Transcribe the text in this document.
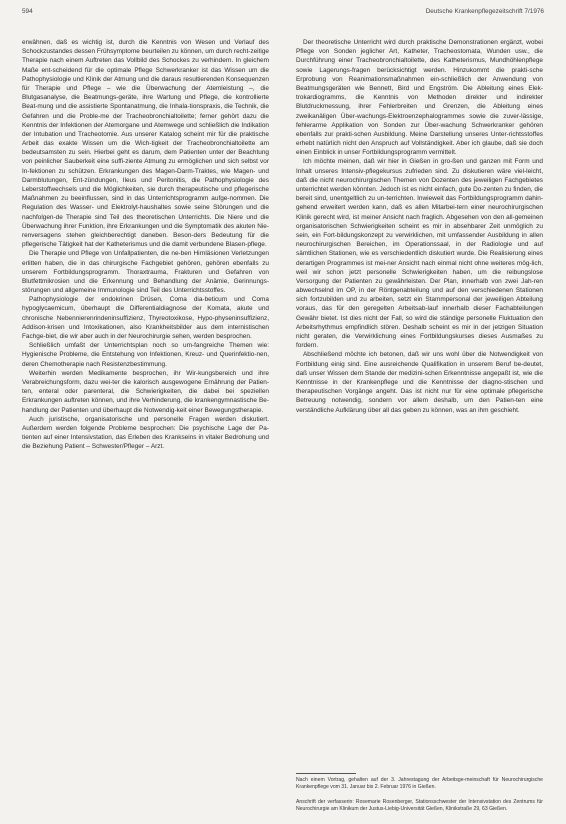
594	Deutsche Krankenpflegezeitschrift 7/1976

erwähnen, daß es wichtig ist, durch die Kenntnis von Wesen und Verlauf des Schockzustandes dessen Frühsymptome beurteilen zu können, um durch recht-zeitige Therapie nach einem Auftreten das Vollbild des Schockes zu verhindern. In gleichem Maße ent-scheidend für die optimale Pflege Schwerkranker ist das Wissen um die Pathophysiologie und Klinik der Atmung und die daraus resultierenden Konsequenzen für Therapie und Pflege – wie die Überwachung der Atemleistung –, die Blutgasanalyse, die Beatmungs-geräte, ihre Wartung und Pflege, die kontrollierte Beat-mung und die assistierte Spontanatmung, die Inhala-tionspraxis, die Technik, die Gefahren und die Proble-me der Tracheobronchialtoilette; ferner gehört dazu die Kenntnis der Infektionen der Atemorgane und Atemwege und schließlich die Indikation der Intubation und Tracheotomie. Aus unserer Katalog scheint mir für die praktische Arbeit das exakte Wissen um die Wich-tigkeit der Tracheobronchialtoilette am bedeutsamsten zu sein. Hierbei geht es darum, dem Patienten unter der Beachtung von peinlicher Sauberkeit eine suffi-ziente Atmung zu ermöglichen und sich selbst vor In-fektionen zu schützen. Erkrankungen des Magen-Darm-Traktes, wie Magen- und Darmblutungen, Ent-zündungen, Ileus und Peritonitis, die Pathophysiologie des Leberstoffwechsels und die Möglichkeiten, sie durch therapeutische und pflegerische Maßnahmen zu beeinflussen, sind in das Unterrichtsprogramm aufge-nommen. Die Regulation des Wasser- und Elektrolyt-haushaltes sowie seine Störungen und die nachfolgen-de Therapie sind Teil des theoretischen Unterrichts. Die Niere und die Überwachung ihrer Funktion, ihre Erkrankungen und die Symptomatik des akuten Nie-renversagens stehen gleichberechtigt daneben. Beson-ders Bedeutung für die pflegerische Tätigkeit hat der Katheterismus und die damit verbundene Blasen-pflege.

Die Therapie und Pflege von Unfallpatienten, die ne-ben Hirnläsionen Verletzungen erlitten haben, die in das chirurgische Fachgebiet gehören, gehören ebenfalls zu unserem Fortbildungsprogramm. Thoraxtrauma, Frakturen und Gefahren von Blutfettmikrosien und die Erkennung und Behandlung der Anämie, Gerinnungs-störungen und allgemeine Immunologie sind Teil des Unterrichtsstoffes.

Pathophysiologie der endokrinen Drüsen, Coma dia-beticum und Coma hypoglycaemicum, überhaupt die Differentialdiagnose der Komata, akute und chronische Nebennierenrindeninsuffizienz, Thyreotoxikose, Hypo-physeninsuffizienz, Addison-krisen und Intoxikationen, also Krankheitsbilder aus dem internistischen Fachge-biet, die wir aber auch in der Neurochirurgie sehen, werden besprochen.

Schließlich umfaßt der Unterrichtsplan noch so um-fangreiche Themen wie: Hygienische Probleme, die Entstehung von Infektionen, Kreuz- und Querinfektio-nen, deren Chemotherapie nach Resistenzbestimmung.

Weiterhin werden Medikamente besprochen, ihr Wir-kungsbereich und ihre Verabreichungsform, dazu wei-ter die kalorisch ausgewogene Ernährung der Patien-ten, enteral oder parenteral, die Schwierigkeiten, die dabei bei speziellen Erkrankungen auftreten können, und ihre Verhinderung, die krankengymnastische Be-handlung der Patienten und überhaupt die Notwendig-keit einer Bewegungstherapie.

Auch juristische, organisatorische und personelle Fragen werden diskutiert. Außerdem werden folgende Probleme besprochen: Die psychische Lage der Pa-tienten auf einer Intensivstation, das Erleben des Krankseins in vitaler Bedrohung und die Beziehung Patient – Schwester/Pfleger – Arzt.

Der theoretische Unterricht wird durch praktische Demonstrationen ergänzt, wobei Pflege von Sonden jeglicher Art, Katheter, Tracheostomata, Wunden usw., die Durchführung einer Tracheobronchialtoilette, des Katheterismus, Mundhöhlenpflege sowie Lagerungs-fragen berücksichtigt werden. Hinzukommt die prakti-sche Erprobung von Reanimationsmaßnahmen ein-schließlich der Anwendung von Beatmungsgeräten wie Bennett, Bird und Engström. Die Ableitung eines Elek-trokardiogramms, die Kenntnis von Methoden direkter und indirekter Blutdruckmessung, ihrer Fehlerbreiten und Grenzen, die Ableitung eines zweikanäligen Über-wachungs-Elektroenzephalogrammes sowie die zuver-lässige, fehlerarme Applikation von Sonden zur Über-wachung Schwerkranker gehören ebenfalls zur prakti-schen Ausbildung. Meine Darstellung unseres Unter-richtsstoffes erhebt natürlich nicht den Anspruch auf Vollständigkeit. Aber ich glaube, daß sie doch einen Einblick in unser Fortbildungsprogramm vermittelt.

Ich möchte meinen, daß wir hier in Gießen in gro-ßen und ganzen mit Form und Inhalt unseres Intensiv-pflegekursus zufrieden sind. Zu diskutieren wäre viel-leicht, daß die nicht neurochirurgischen Themen von Dozenten des jeweiligen Fachgebietes unterrichtet werden könnten. Jedoch ist es nicht einfach, gute Do-zenten zu finden, die bereit sind, unentgeltlich zu un-terrichten. Inwieweit das Fortbildungsprogramm dahin-gehend erweitert werden kann, daß es allen Mitarbei-tern einer neurochirurgischen Klinik gerecht wird, ist meiner Ansicht nach fraglich. Abgesehen von den all-gemeinen organisatorischen Schwierigkeiten scheint es mir in absehbarer Zeit unmöglich zu sein, ein Fort-bildungskonzept zu verwirklichen, mit umfassender Ausbildung in allen neurochirurgischen Bereichen, im Operationssaal, in der Radiologie und auf sämtlichen Stationen, wie es verschiedentlich diskutiert wurde. Die Realisierung eines derartigen Programmes ist mei-ner Ansicht nach einmal nicht ohne weiteres mög-lich, weil wir schon jetzt personelle Schwierigkeiten haben, um die reibungslose Versorgung der Patienten zu gewährleisten. Der Plan, innerhalb von zwei Jah-ren abwechselnd im OP, in der Röntgenabteilung und auf den verschiedenen Stationen sich fortzubilden und zu arbeiten, setzt ein Stammpersonal der jeweiligen Abteilung voraus, das für den geregelten Arbeitsab-lauf innerhalb dieser Fachabteilungen Gewähr bietet. Ist dies nicht der Fall, so wird die ständige personelle Fluktuation den Arbeitsrhythmus empfindlich stören. Deshalb scheint es mir in der jetzigen Situation nicht geraten, die Verwirklichung eines Fortbildungskurses dieses Ausmaßes zu fordern.

Abschließend möchte ich betonen, daß wir uns wohl über die Notwendigkeit von Fortbildung einig sind. Eine ausreichende Qualifikation in unserem Beruf be-deutet, daß unser Wissen dem Stande der medizini-schen Erkenntnisse angepaßt ist, wie die Kenntnisse in der Krankenpflege und die Kenntnisse der diagno-stischen und therapeutischen Vorgänge angeht. Das ist nicht nur für eine optimale pflegerische Betreuung notwendig, sondern vor allem deshalb, um den Patien-ten eine verständliche Aufklärung über all das geben zu können, was an ihm geschieht.

Nach einem Vortrag, gehalten auf der 3. Jahrestagung der Arbeitsge-meinschaft für Neurochirurgische Krankenpflege vom 31. Januar bis 2. Februar 1976 in Gießen.
Anschrift der verfasserin: Rosemarie Rosenberger, Stationsschwester der Intensivstation des Zentrums für Neurochirurgie am Klinikum der Justus-Liebig-Universität Gießen, Klinikstraße 29, 63 Gießen.
